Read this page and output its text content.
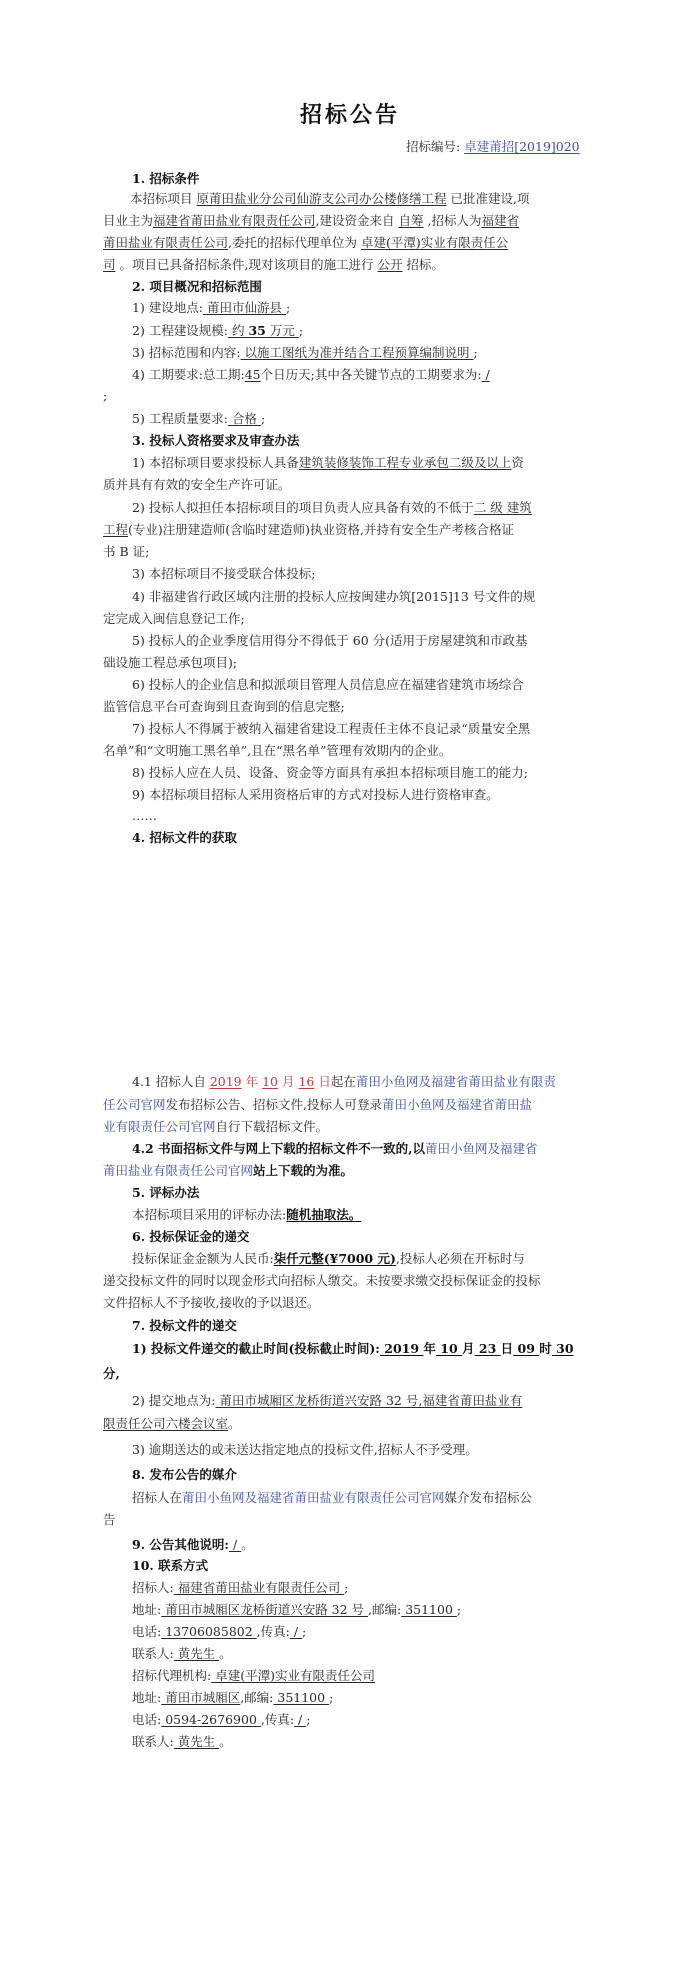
招标公告
招标编号: 卓建莆招[2019]020
1. 招标条件
本招标项目 原莆田盐业分公司仙游支公司办公楼修缮工程 已批准建设,项
目业主为福建省莆田盐业有限责任公司,建设资金来自 自筹 ,招标人为福建省
莆田盐业有限责任公司,委托的招标代理单位为 卓建(平潭)实业有限责任公
司 。项目已具备招标条件,现对该项目的施工进行 公开 招标。
2. 项目概况和招标范围
1) 建设地点: 莆田市仙游县 ;
2) 工程建设规模: 约 35 万元 ;
3) 招标范围和内容: 以施工图纸为准并结合工程预算编制说明 ;
4) 工期要求:总工期:45个日历天;其中各关键节点的工期要求为: /
;
5) 工程质量要求: 合格 ;
3. 投标人资格要求及审查办法
1) 本招标项目要求投标人具备建筑装修装饰工程专业承包二级及以上资
质并具有有效的安全生产许可证。
2) 投标人拟担任本招标项目的项目负责人应具备有效的不低于二 级 建筑
工程(专业)注册建造师(含临时建造师)执业资格,并持有安全生产考核合格证
书 B 证;
3) 本招标项目不接受联合体投标;
4) 非福建省行政区域内注册的投标人应按闽建办筑[2015]13 号文件的规
定完成入闽信息登记工作;
5) 投标人的企业季度信用得分不得低于 60 分(适用于房屋建筑和市政基
础设施工程总承包项目);
6) 投标人的企业信息和拟派项目管理人员信息应在福建省建筑市场综合
监管信息平台可查询到且查询到的信息完整;
7) 投标人不得属于被纳入福建省建设工程责任主体不良记录“质量安全黑
名单”和“文明施工黑名单”,且在“黑名单”管理有效期内的企业。
8) 投标人应在人员、设备、资金等方面具有承担本招标项目施工的能力;
9) 本招标项目招标人采用资格后审的方式对投标人进行资格审查。
……
4. 招标文件的获取
4.1 招标人自 2019 年 10 月 16 日起在莆田小鱼网及福建省莆田盐业有限责
任公司官网发布招标公告、招标文件,投标人可登录莆田小鱼网及福建省莆田盐
业有限责任公司官网自行下载招标文件。
4.2 书面招标文件与网上下载的招标文件不一致的,以莆田小鱼网及福建省
莆田盐业有限责任公司官网站上下载的为准。
5. 评标办法
本招标项目采用的评标办法:随机抽取法。
6. 投标保证金的递交
投标保证金金额为人民币:柒仟元整(¥7000 元),投标人必须在开标时与
递交投标文件的同时以现金形式向招标人缴交。未按要求缴交投标保证金的投标
文件招标人不予接收,接收的予以退还。
7. 投标文件的递交
1) 投标文件递交的截止时间(投标截止时间): 2019 年 10 月 23 日 09 时 30
分,
2) 提交地点为: 莆田市城厢区龙桥街道兴安路 32 号,福建省莆田盐业有
限责任公司六楼会议室。
3) 逾期送达的或未送达指定地点的投标文件,招标人不予受理。
8. 发布公告的媒介
招标人在莆田小鱼网及福建省莆田盐业有限责任公司官网媒介发布招标公
告
9. 公告其他说明: / 。
10. 联系方式
招标人: 福建省莆田盐业有限责任公司 ;
地址: 莆田市城厢区龙桥街道兴安路 32 号 ,邮编: 351100 ;
电话: 13706085802 ,传真: / ;
联系人: 黄先生 。
招标代理机构: 卓建(平潭)实业有限责任公司
地址: 莆田市城厢区,邮编: 351100 ;
电话: 0594-2676900 ,传真: / ;
联系人: 黄先生 。
